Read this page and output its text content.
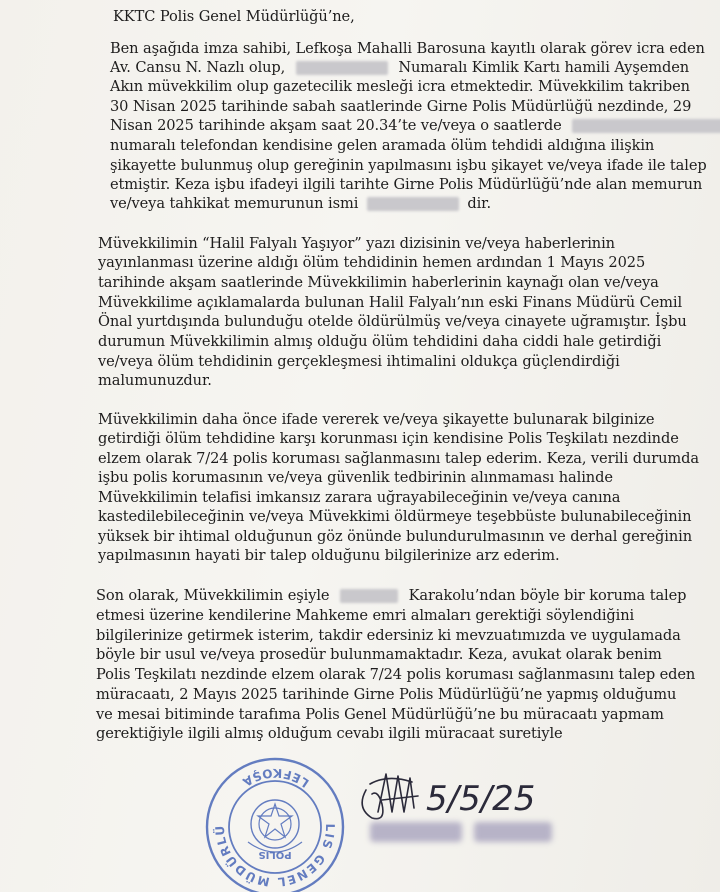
KKTC Polis Genel Müdürlüğü’ne,
Ben aşağıda imza sahibi, Lefkoşa Mahalli Barosuna kayıtlı olarak görev icra eden
Av. Cansu N. Nazlı olup,	Numaralı Kimlik Kartı hamili Ayşemden
Akın müvekkilim olup gazetecilik mesleği icra etmektedir. Müvekkilim takriben
30 Nisan 2025 tarihinde sabah saatlerinde Girne Polis Müdürlüğü nezdinde, 29
Nisan 2025 tarihinde akşam saat 20.34’te ve/veya o saatlerde
numaralı telefondan kendisine gelen aramada ölüm tehdidi aldığına ilişkin
şikayette bulunmuş olup gereğinin yapılmasını işbu şikayet ve/veya ifade ile talep
etmiştir. Keza işbu ifadeyi ilgili tarihte Girne Polis Müdürlüğü’nde alan memurun
ve/veya tahkikat memurunun ismi	dir.
Müvekkilimin “Halil Falyalı Yaşıyor” yazı dizisinin ve/veya haberlerinin
yayınlanması üzerine aldığı ölüm tehdidinin hemen ardından 1 Mayıs 2025
tarihinde akşam saatlerinde Müvekkilimin haberlerinin kaynağı olan ve/veya
Müvekkilime açıklamalarda bulunan Halil Falyalı’nın eski Finans Müdürü Cemil
Önal yurtdışında bulunduğu otelde öldürülmüş ve/veya cinayete uğramıştır. İşbu
durumun Müvekkilimin almış olduğu ölüm tehdidini daha ciddi hale getirdiği
ve/veya ölüm tehdidinin gerçekleşmesi ihtimalini oldukça güçlendirdiği
malumunuzdur.
Müvekkilimin daha önce ifade vererek ve/veya şikayette bulunarak bilginize
getirdiği ölüm tehdidine karşı korunması için kendisine Polis Teşkilatı nezdinde
elzem olarak 7/24 polis koruması sağlanmasını talep ederim. Keza, verili durumda
işbu polis korumasının ve/veya güvenlik tedbirinin alınmaması halinde
Müvekkilimin telafisi imkansız zarara uğrayabileceğinin ve/veya canına
kastedilebileceğinin ve/veya Müvekkimi öldürmeye teşebbüste bulunabileceğinin
yüksek bir ihtimal olduğunun göz önünde bulundurulmasının ve derhal gereğinin
yapılmasının hayati bir talep olduğunu bilgilerinize arz ederim.
Son olarak, Müvekkilimin eşiyle	Karakolu’ndan böyle bir koruma talep
etmesi üzerine kendilerine Mahkeme emri almaları gerektiği söylendiğini
bilgilerinize getirmek isterim, takdir edersiniz ki mevzuatımızda ve uygulamada
böyle bir usul ve/veya prosedür bulunmamaktadır. Keza, avukat olarak benim
Polis Teşkilatı nezdinde elzem olarak 7/24 polis koruması sağlanmasını talep eden
müracaatı, 2 Mayıs 2025 tarihinde Girne Polis Müdürlüğü’ne yapmış olduğumu
ve mesai bitiminde tarafıma Polis Genel Müdürlüğü’ne bu müracaatı yapmam
gerektiğiyle ilgili almış olduğum cevabı ilgili müracaat suretiyle
LEFKOŞA
LIS GENEL MÜDÜRLÜ
POLIS
5/5/25
